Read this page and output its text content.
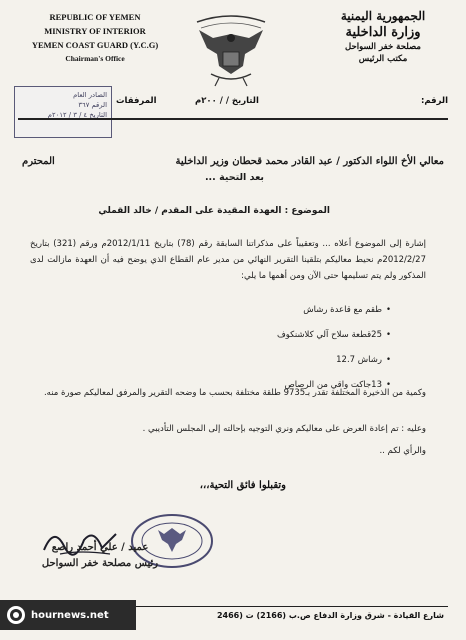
REPUBLIC OF YEMEN
MINISTRY OF INTERIOR
YEMEN COAST GUARD (Y.C.G)
Chairman's Office
الجمهورية اليمنية
وزارة الداخلية
مصلحة خفر السواحل
مكتب الرئيس
الرقم:
التاريخ / / ٢٠٠م
المرفقات
الصادر العام
الرقم ٣٦٧
التاريخ ٤ / ٣ / ٢٠١٢م
معالي الأخ اللواء الدكتور / عبد القادر محمد قحطان وزير الداخلية
المحترم
بعد التحية ...
الموضوع : العهدة المقيدة على المقدم / خالد القملي
إشارة إلى الموضوع أعلاه ... وتعقيباً على مذكراتنا السابقة رقم (78) بتاريخ 2012/1/11م ورقم (321) بتاريخ 2012/2/27م نحيط معاليكم بتلقينا التقرير النهائي من مدير عام القطاع الذي يوضح فيه أن العهدة مازالت لدى المذكور ولم يتم تسليمها حتى الآن ومن أهمها ما يلي:
• طقم مع قاعدة رشاش
• 25قطعة سلاح آلي كلاشنكوف
• رشاش 12.7
• 13جاكت واقي من الرصاص
وكمية من الذخيرة المختلفة تقدر بـ9735 طلقة مختلفة بحسب ما وضحه التقرير والمرفق لمعاليكم صورة منه.
وعليه : تم إعادة العرض على معاليكم ونري التوجيه بإحالته إلى المجلس التأديبي .
والرأي لكم ..
وتقبلوا فائق التحية،،،
عميد / علي أحمد راصع
رئيس مصلحة خفر السواحل
شارع القيادة - شرق وزارة الدفاع ص.ب (2166) ت (2466
hournews.net
